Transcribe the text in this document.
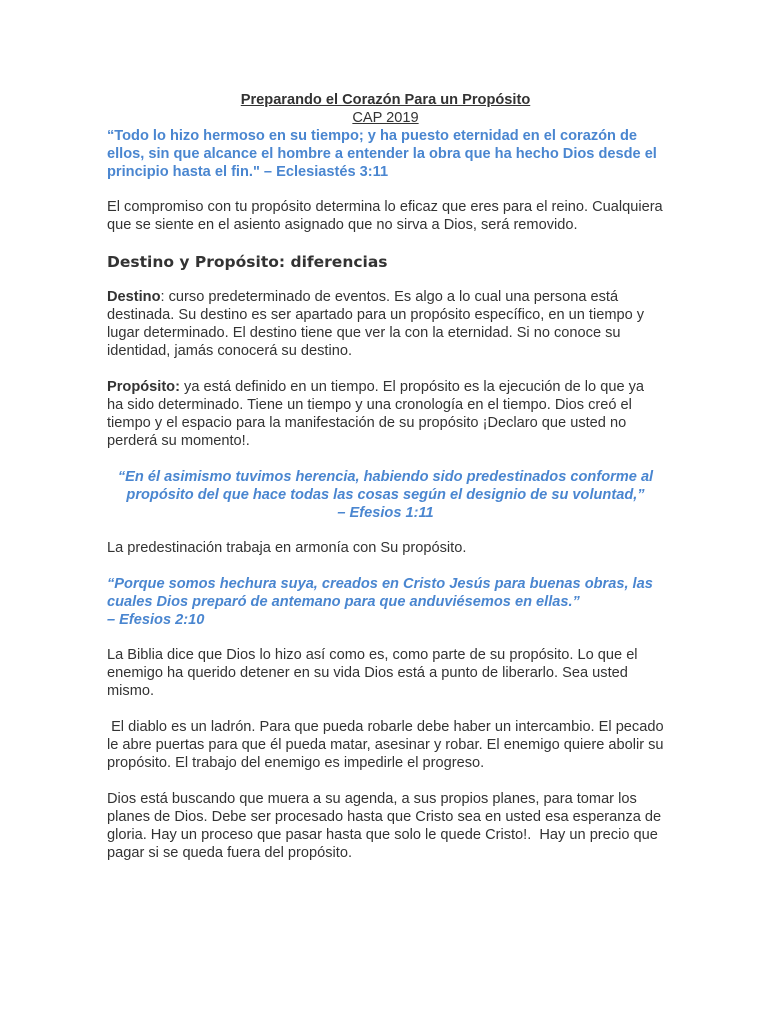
Preparando el Corazón Para un Propósito

CAP 2019

“Todo lo hizo hermoso en su tiempo; y ha puesto eternidad en el corazón de ellos, sin que alcance el hombre a entender la obra que ha hecho Dios desde el principio hasta el fin." – Eclesiastés 3:11

El compromiso con tu propósito determina lo eficaz que eres para el reino. Cualquiera que se siente en el asiento asignado que no sirva a Dios, será removido.

Destino y Propósito: diferencias

Destino: curso predeterminado de eventos. Es algo a lo cual una persona está destinada. Su destino es ser apartado para un propósito específico, en un tiempo y lugar determinado. El destino tiene que ver la con la eternidad. Si no conoce su identidad, jamás conocerá su destino.

Propósito: ya está definido en un tiempo. El propósito es la ejecución de lo que ya ha sido determinado. Tiene un tiempo y una cronología en el tiempo. Dios creó el tiempo y el espacio para la manifestación de su propósito ¡Declaro que usted no perderá su momento!.

“En él asimismo tuvimos herencia, habiendo sido predestinados conforme al propósito del que hace todas las cosas según el designio de su voluntad,”
– Efesios 1:11

La predestinación trabaja en armonía con Su propósito.

“Porque somos hechura suya, creados en Cristo Jesús para buenas obras, las cuales Dios preparó de antemano para que anduviésemos en ellas.”
– Efesios 2:10

La Biblia dice que Dios lo hizo así como es, como parte de su propósito. Lo que el enemigo ha querido detener en su vida Dios está a punto de liberarlo. Sea usted mismo.

El diablo es un ladrón. Para que pueda robarle debe haber un intercambio. El pecado le abre puertas para que él pueda matar, asesinar y robar. El enemigo quiere abolir su propósito. El trabajo del enemigo es impedirle el progreso.

Dios está buscando que muera a su agenda, a sus propios planes, para tomar los planes de Dios. Debe ser procesado hasta que Cristo sea en usted esa esperanza de gloria. Hay un proceso que pasar hasta que solo le quede Cristo!.  Hay un precio que pagar si se queda fuera del propósito.
